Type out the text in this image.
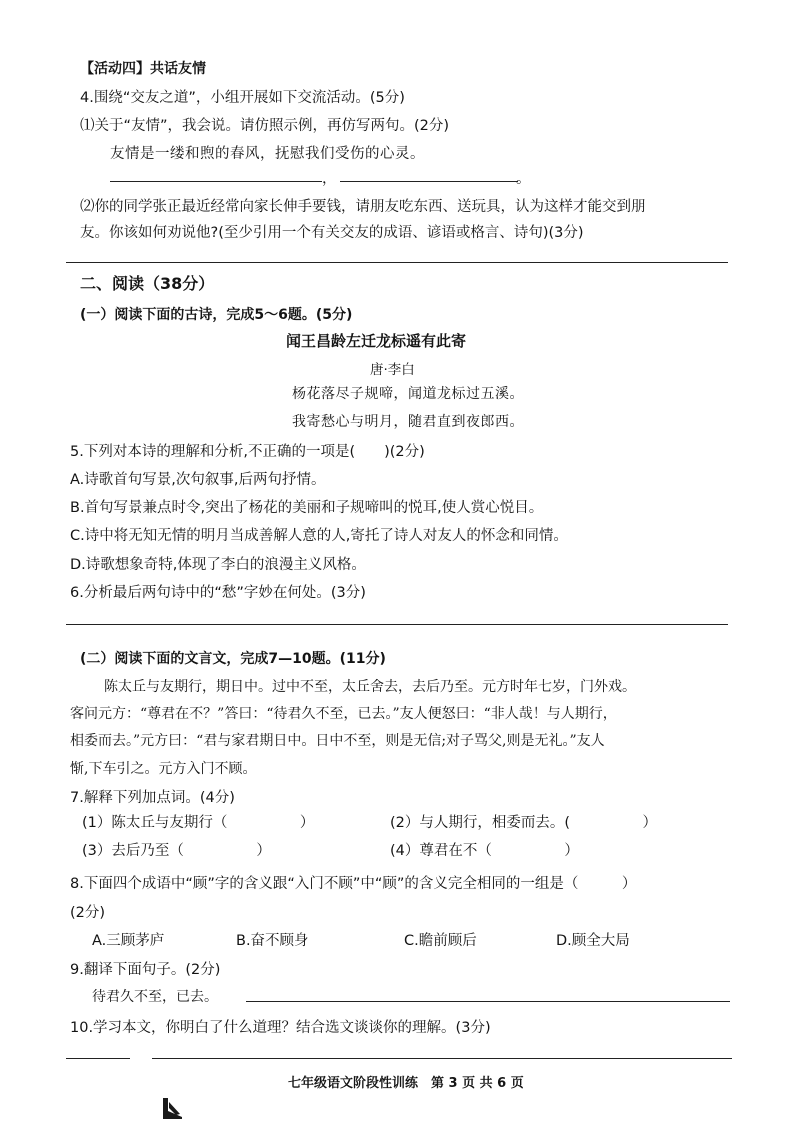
【活动四】共话友情
4.围绕“交友之道”，小组开展如下交流活动。(5分)
⑴关于“友情”，我会说。请仿照示例，再仿写两句。(2分)
友情是一缕和煦的春风，抚慰我们受伤的心灵。
，	。
⑵你的同学张正最近经常向家长伸手要钱，请朋友吃东西、送玩具，认为这样才能交到朋
友。你该如何劝说他?(至少引用一个有关交友的成语、谚语或格言、诗句)(3分)
二、阅读（38分）
(一）阅读下面的古诗，完成5～6题。(5分)
闻王昌龄左迁龙标遥有此寄
唐·李白
杨花落尽子规啼，闻道龙标过五溪。
我寄愁心与明月，随君直到夜郎西。
5.下列对本诗的理解和分析,不正确的一项是(　　)(2分)
A.诗歌首句写景,次句叙事,后两句抒情。
B.首句写景兼点时令,突出了杨花的美丽和子规啼叫的悦耳,使人赏心悦目。
C.诗中将无知无情的明月当成善解人意的人,寄托了诗人对友人的怀念和同情。
D.诗歌想象奇特,体现了李白的浪漫主义风格。
6.分析最后两句诗中的“愁”字妙在何处。(3分)
(二）阅读下面的文言文，完成7—10题。(11分)
陈太丘与友期行，期日中。过中不至，太丘舍去，去后乃至。元方时年七岁，门外戏。
客问元方：“尊君在不？”答曰：“待君久不至，已去。”友人便怒曰：“非人哉！与人期行，
相委而去。”元方曰：“君与家君期日中。日中不至，则是无信;对子骂父,则是无礼。”友人
惭,下车引之。元方入门不顾。
7.解释下列加点词。(4分)
(1）陈太丘与友期行（　　　　　）	(2）与人期行，相委而去。(　　　　　）
(3）去后乃至（　　　　　）	(4）尊君在不（　　　　　）
8.下面四个成语中“顾”字的含义跟“入门不顾”中“顾”的含义完全相同的一组是（　　　）
(2分)
A.三顾茅庐	B.奋不顾身	C.瞻前顾后	D.顾全大局
9.翻译下面句子。(2分)
待君久不至，已去。
10.学习本文，你明白了什么道理？结合选文谈谈你的理解。(3分)
七年级语文阶段性训练　第 3 页 共 6 页
